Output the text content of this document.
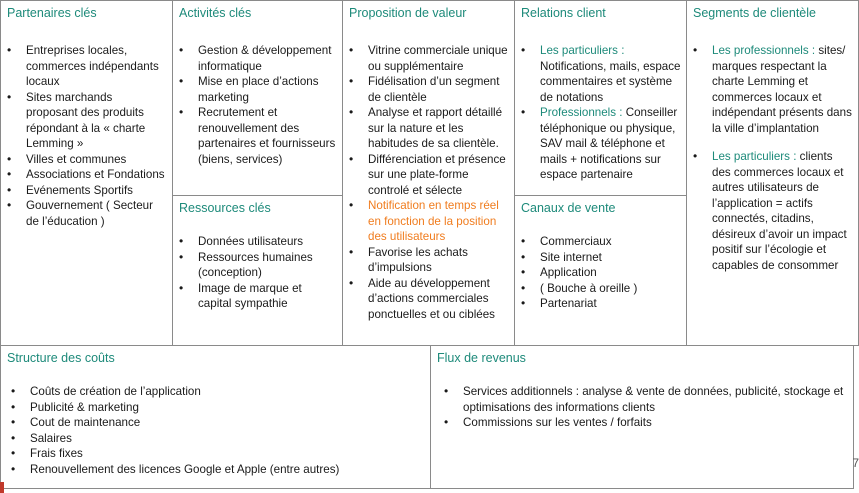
Partenaires clés
• Entreprises locales, commerces indépendants locaux
• Sites marchands proposant des produits répondant à la « charte Lemming »
• Villes et communes
• Associations et Fondations
• Evénements Sportifs
• Gouvernement ( Secteur de l’éducation )
Activités clés
• Gestion & développement informatique
• Mise en place d’actions marketing
• Recrutement et renouvellement des partenaires et fournisseurs (biens, services)
Ressources clés
• Données utilisateurs
• Ressources humaines (conception)
• Image de marque et capital sympathie
Proposition de valeur
• Vitrine commerciale unique ou supplémentaire
• Fidélisation d’un segment de clientèle
• Analyse et rapport détaillé sur la nature et les habitudes de sa clientèle.
• Différenciation et présence sur une plate-forme controlé et sélecte
• Notification en temps réel en fonction de la position des utilisateurs
• Favorise les achats d’impulsions
• Aide au développement d’actions commerciales ponctuelles et ou ciblées
Relations client
• Les particuliers : Notifications, mails, espace commentaires et système de notations
• Professionnels : Conseiller téléphonique ou physique, SAV mail & téléphone et mails + notifications sur espace partenaire
Canaux de vente
• Commerciaux
• Site internet
• Application
• ( Bouche à oreille )
• Partenariat
Segments de clientèle
• Les professionnels : sites/ marques respectant la charte Lemming et commerces locaux et indépendant présents dans la ville d’implantation
• Les particuliers : clients des commerces locaux et autres utilisateurs de l’application = actifs connectés, citadins, désireux d’avoir un impact positif sur l’écologie et capables de consommer
Structure des coûts
• Coûts de création de l’application
• Publicité & marketing
• Cout de maintenance
• Salaires
• Frais fixes
• Renouvellement des licences Google et Apple (entre autres)
Flux de revenus
• Services additionnels : analyse & vente de données, publicité, stockage et optimisations des informations clients
• Commissions sur les ventes / forfaits
7
